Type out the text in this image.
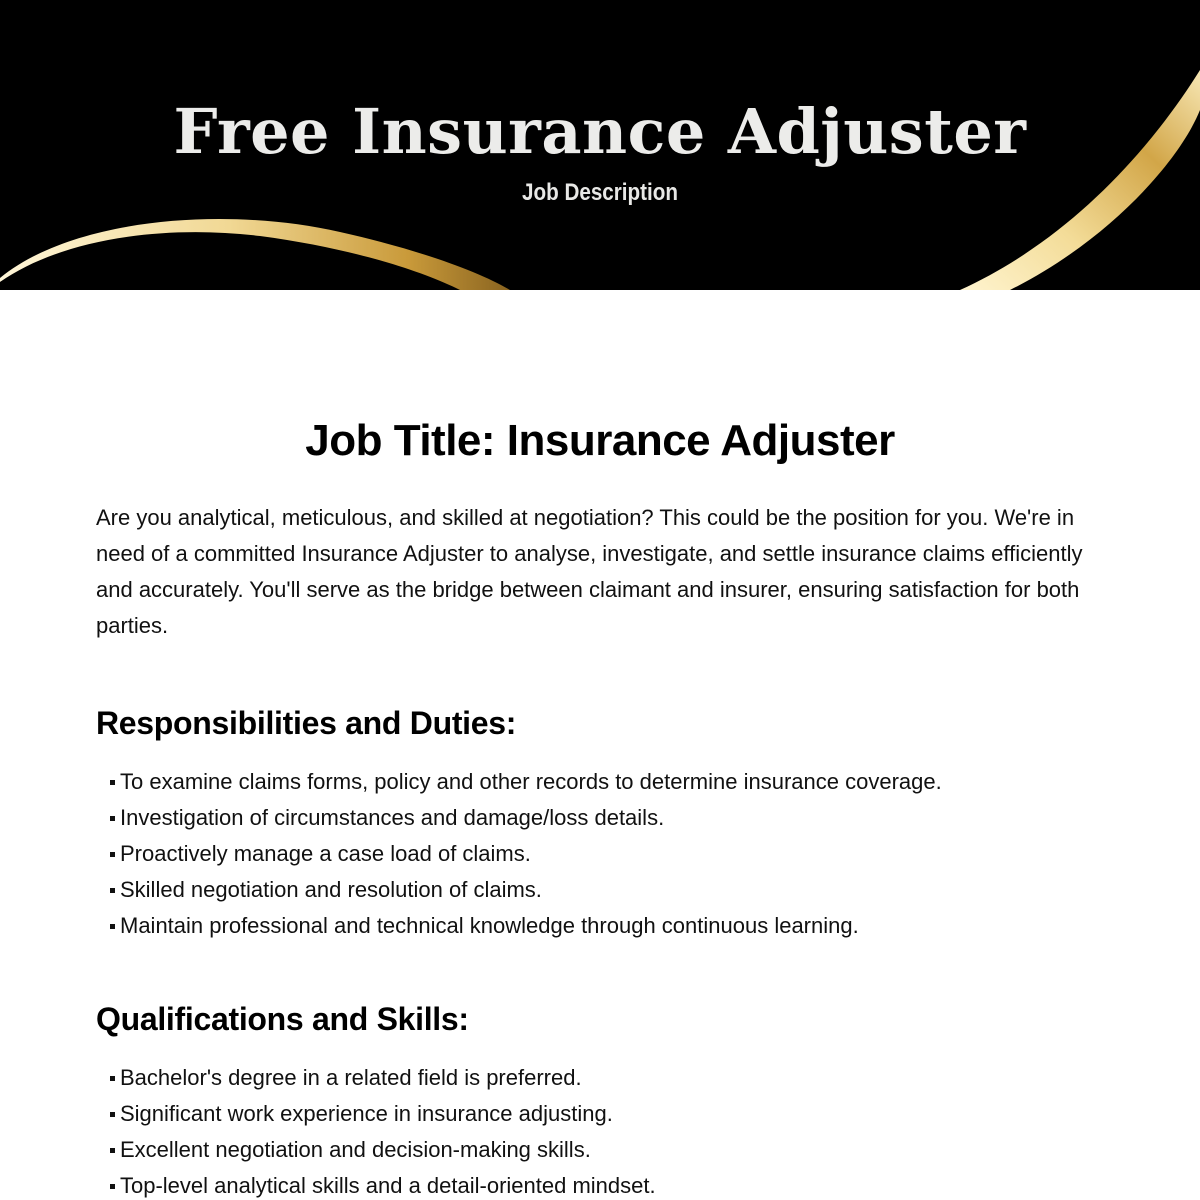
Free Insurance Adjuster
Job Description
Job Title: Insurance Adjuster

Are you analytical, meticulous, and skilled at negotiation? This could be the position for you. We're in need of a committed Insurance Adjuster to analyse, investigate, and settle insurance claims efficiently and accurately. You'll serve as the bridge between claimant and insurer, ensuring satisfaction for both parties.

Responsibilities and Duties:
To examine claims forms, policy and other records to determine insurance coverage.
Investigation of circumstances and damage/loss details.
Proactively manage a case load of claims.
Skilled negotiation and resolution of claims.
Maintain professional and technical knowledge through continuous learning.
Qualifications and Skills:
Bachelor's degree in a related field is preferred.
Significant work experience in insurance adjusting.
Excellent negotiation and decision-making skills.
Top-level analytical skills and a detail-oriented mindset.
